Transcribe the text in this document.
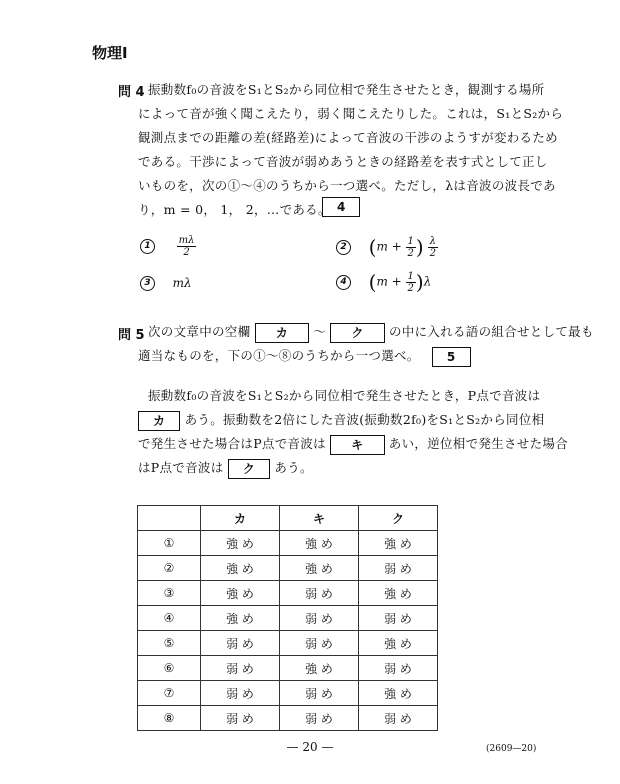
物理Ⅰ
問 4 振動数f₀の音波をS₁とS₂から同位相で発生させたとき，観測する場所
によって音が強く聞こえたり，弱く聞こえたりした。これは，S₁とS₂から
観測点までの距離の差(経路差)によって音波の干渉のようすが変わるため
である。干渉によって音波が弱めあうときの経路差を表す式として正し
いものを，次の①～④のうちから一つ選べ。ただし，λは音波の波長であ
り，m = 0， 1， 2，…である。 4
1	$\frac{m\lambda}{2}$	2 ($m + \frac{1}{2}$ ) $\frac{\lambda}{2}$
3 mλ	4 $(m + \frac{1}{2} )\lambda$
問 5 次の文章中の空欄 カ ～ ク の中に入れる語の組合せとして最も
適当なものを，下の①～⑧のうちから一つ選べ。 5
振動数f₀の音波をS₁とS₂から同位相で発生させたとき，P点で音波は
カ あう。振動数を2倍にした音波(振動数2f₀)をS₁とS₂から同位相
で発生させた場合はP点で音波は キ あい，逆位相で発生させた場合
はP点で音波は ク あう。
	カ	キ	ク
①	強 め	強 め	強 め
②	強 め	強 め	弱 め
③	強 め	弱 め	強 め
④	強 め	弱 め	弱 め
⑤	弱 め	弱 め	強 め
⑥	弱 め	強 め	弱 め
⑦	弱 め	弱 め	強 め
⑧	弱 め	弱 め	弱 め
— 20 —	(2609—20)
